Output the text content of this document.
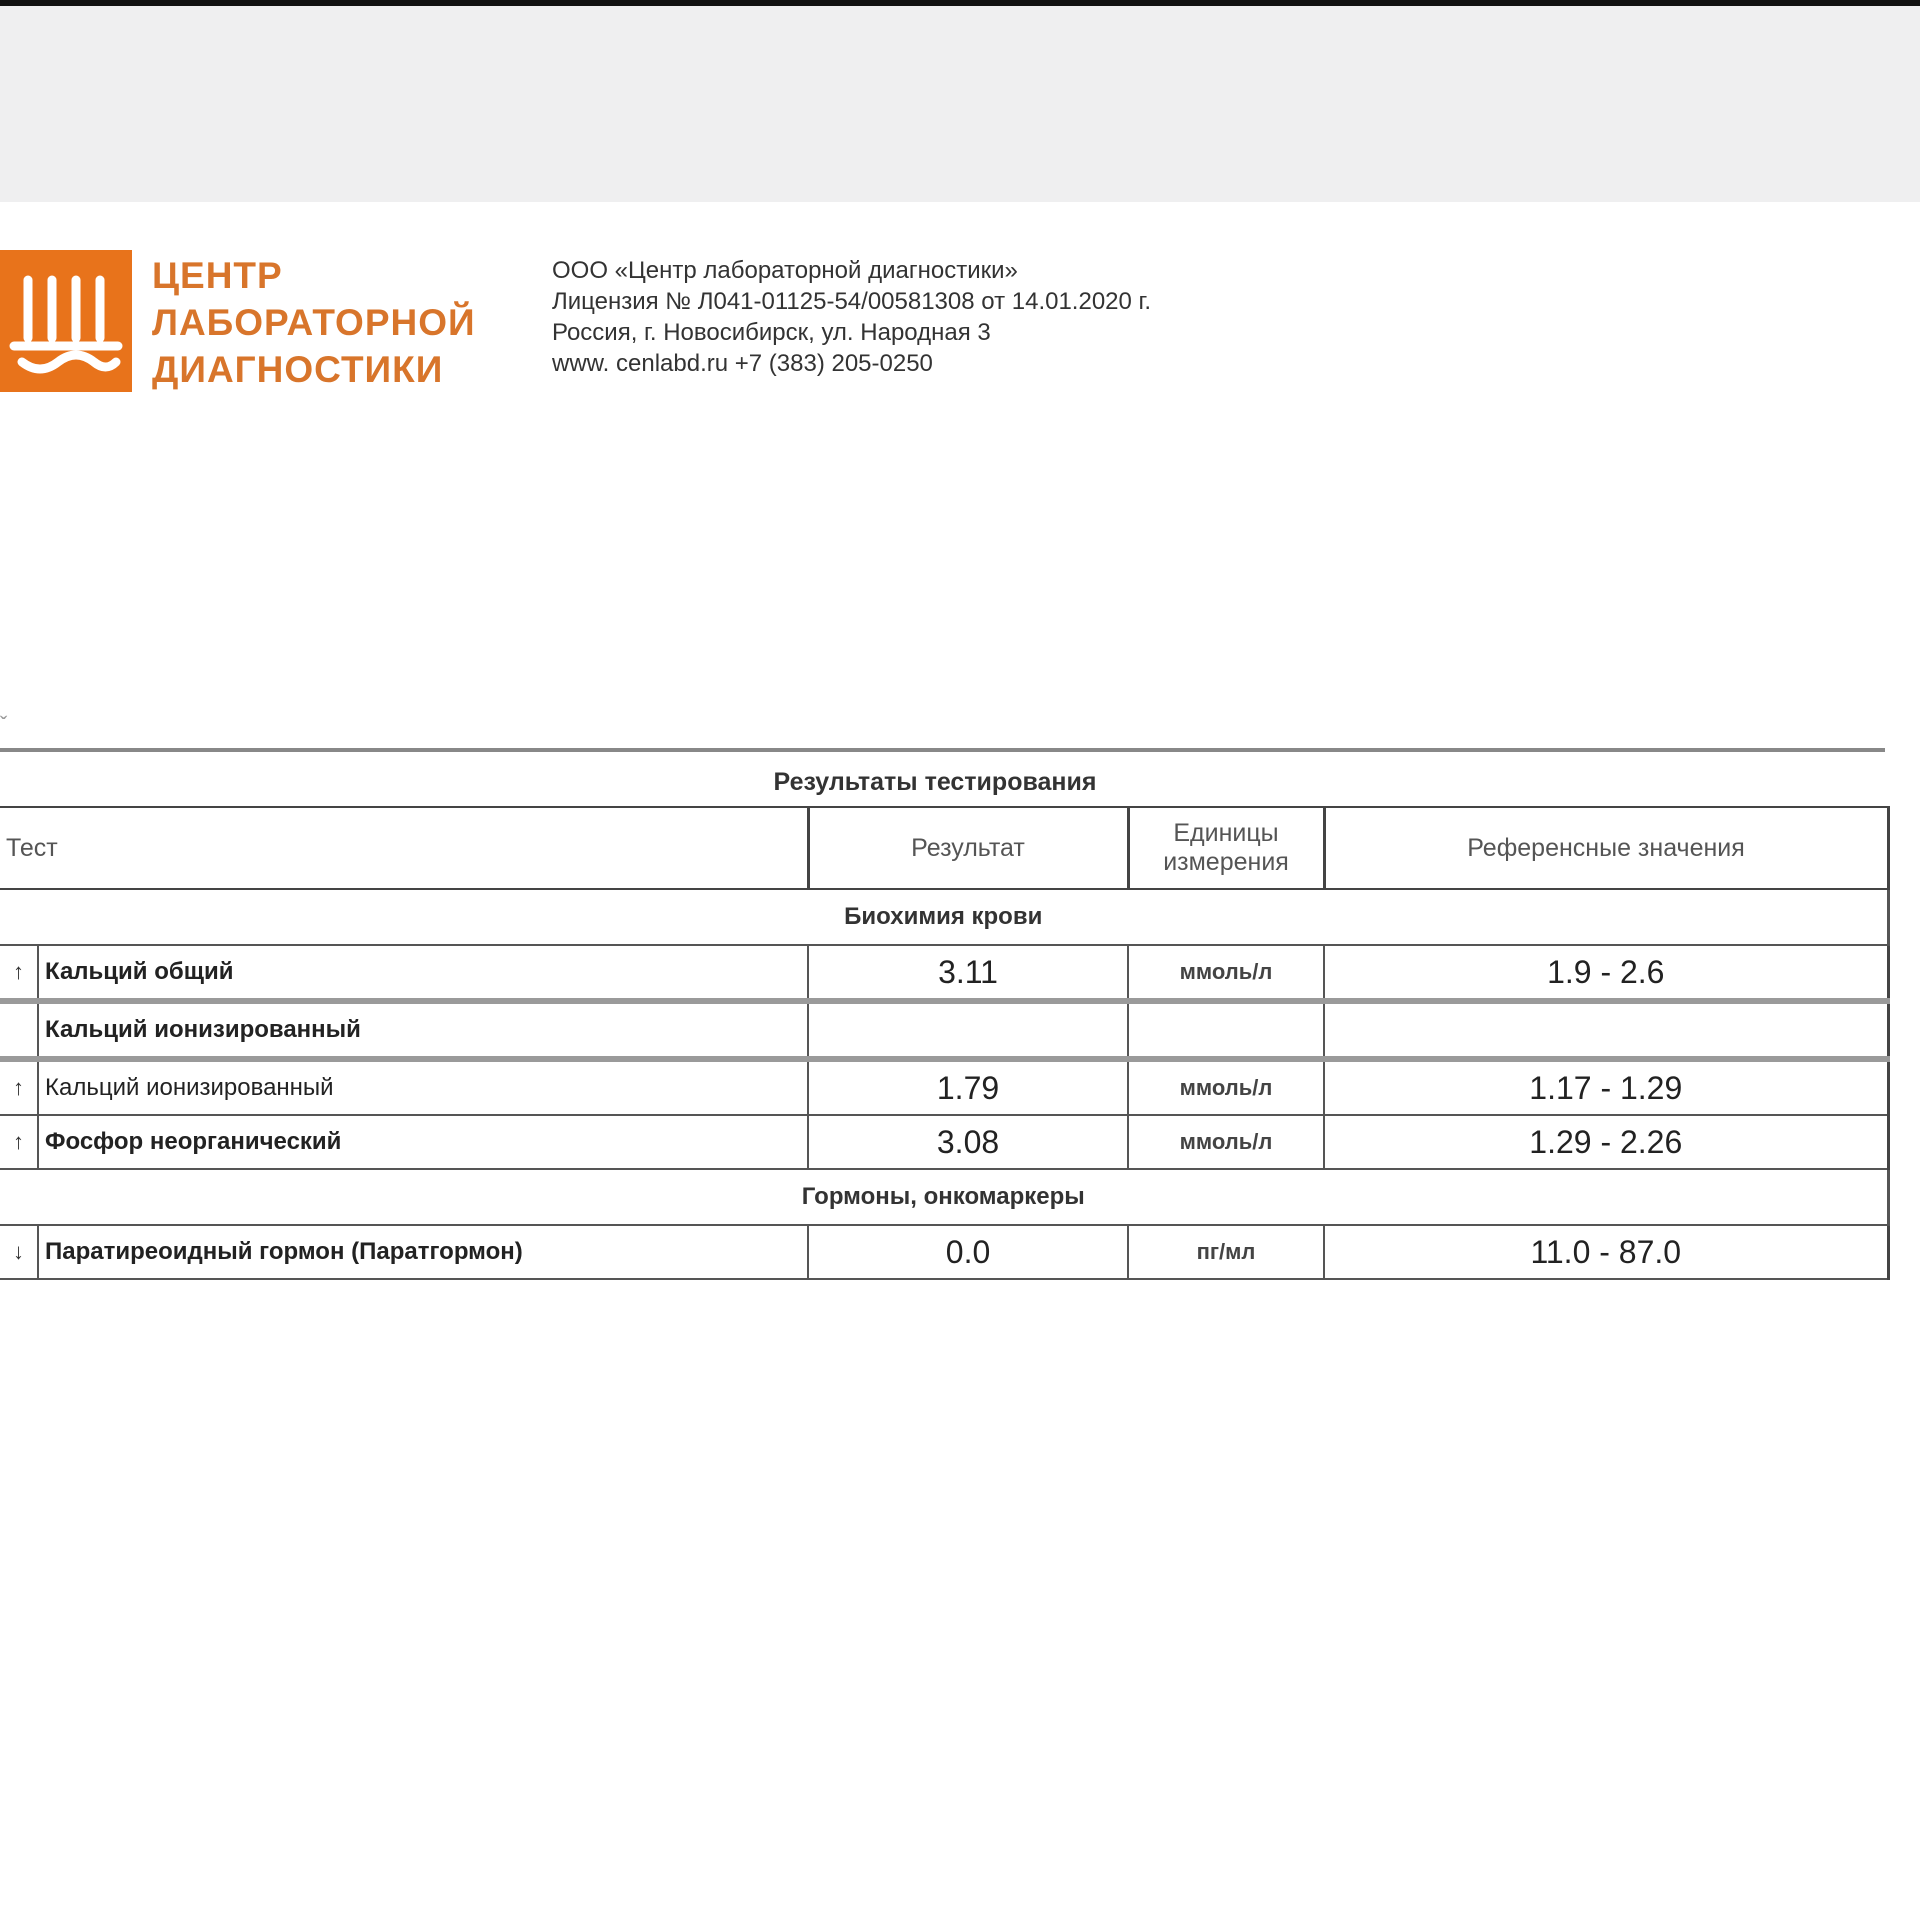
ЦЕНТР
ЛАБОРАТОРНОЙ
ДИАГНОСТИКИ
ООО «Центр лабораторной диагностики»
Лицензия № Л041-01125-54/00581308 от 14.01.2020 г.
Россия, г. Новосибирск, ул. Народная 3
www. cenlabd.ru +7 (383) 205-0250
ˇ
Результаты тестирования
Тест		Результат	Единицы измерения	Референсные значения
Биохимия крови				
↑	Кальций общий	3.11	ммоль/л	1.9 - 2.6
	Кальций ионизированный			
↑	Кальций ионизированный	1.79	ммоль/л	1.17 - 1.29
↑	Фосфор неорганический	3.08	ммоль/л	1.29 - 2.26
Гормоны, онкомаркеры				
↓	Паратиреоидный гормон (Паратгормон)	0.0	пг/мл	11.0 - 87.0
